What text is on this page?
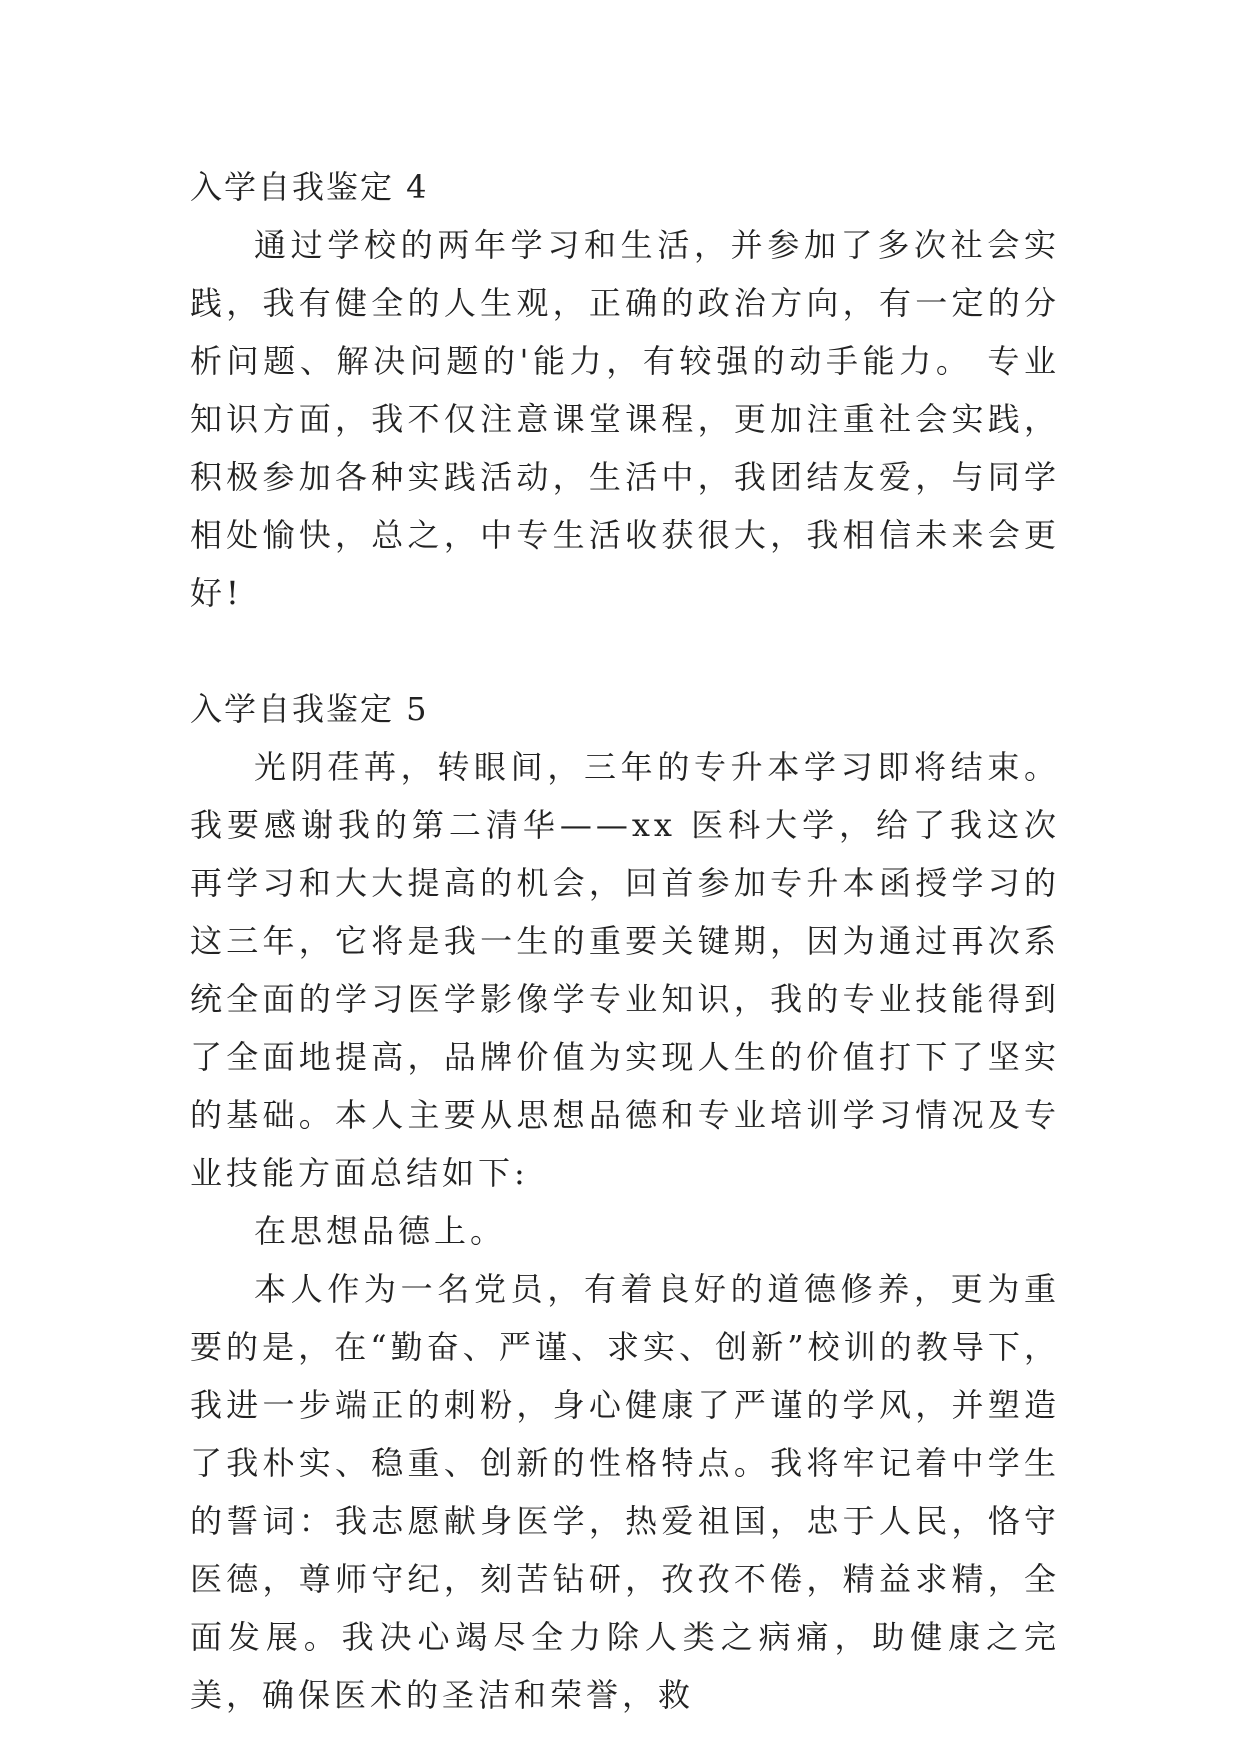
入学自我鉴定 4

通过学校的两年学习和生活，并参加了多次社会实践，我有健全的人生观，正确的政治方向，有一定的分析问题、解决问题的'能力，有较强的动手能力。 专业知识方面，我不仅注意课堂课程，更加注重社会实践，积极参加各种实践活动，生活中，我团结友爱，与同学相处愉快，总之，中专生活收获很大，我相信未来会更好!

入学自我鉴定 5

光阴荏苒，转眼间，三年的专升本学习即将结束。我要感谢我的第二清华——xx 医科大学，给了我这次再学习和大大提高的机会，回首参加专升本函授学习的这三年，它将是我一生的重要关键期，因为通过再次系统全面的学习医学影像学专业知识，我的专业技能得到了全面地提高，品牌价值为实现人生的价值打下了坚实的基础。本人主要从思想品德和专业培训学习情况及专业技能方面总结如下:

在思想品德上。

本人作为一名党员，有着良好的道德修养，更为重要的是，在“勤奋、严谨、求实、创新”校训的教导下，我进一步端正的刺粉，身心健康了严谨的学风，并塑造了我朴实、稳重、创新的性格特点。我将牢记着中学生的誓词：我志愿献身医学，热爱祖国，忠于人民，恪守医德，尊师守纪，刻苦钻研，孜孜不倦，精益求精，全面发展。我决心竭尽全力除人类之病痛，助健康之完美，确保医术的圣洁和荣誉，救
